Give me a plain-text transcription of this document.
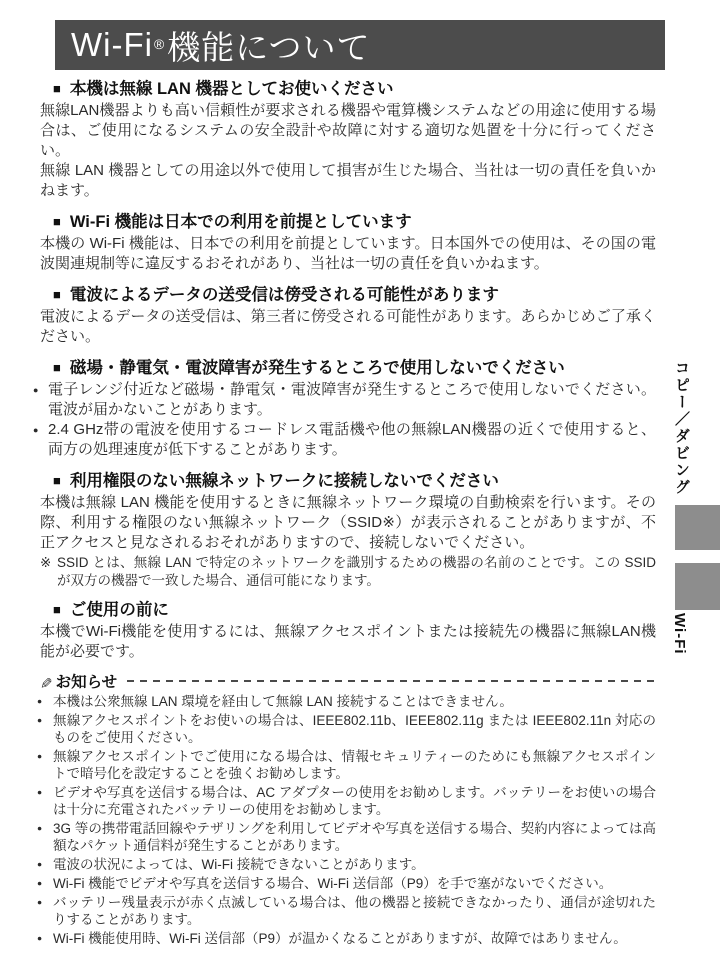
Wi-Fi ® 機能について
■ 本機は無線 LAN 機器としてお使いください

無線LAN機器よりも高い信頼性が要求される機器や電算機システムなどの用途に使用する場合は、ご使用になるシステムの安全設計や故障に対する適切な処置を十分に行ってください。

無線 LAN 機器としての用途以外で使用して損害が生じた場合、当社は一切の責任を負いかねます。

■ Wi-Fi 機能は日本での利用を前提としています

本機の Wi-Fi 機能は、日本での利用を前提としています。日本国外での使用は、その国の電波関連規制等に違反するおそれがあり、当社は一切の責任を負いかねます。

■ 電波によるデータの送受信は傍受される可能性があります

電波によるデータの送受信は、第三者に傍受される可能性があります。あらかじめご了承ください。

■ 磁場・静電気・電波障害が発生するところで使用しないでください
● 電子レンジ付近など磁場・静電気・電波障害が発生するところで使用しないでください。電波が届かないことがあります。
● 2.4 GHz帯の電波を使用するコードレス電話機や他の無線LAN機器の近くで使用すると、両方の処理速度が低下することがあります。
■ 利用権限のない無線ネットワークに接続しないでください

本機は無線 LAN 機能を使用するときに無線ネットワーク環境の自動検索を行います。その際、利用する権限のない無線ネットワーク（SSID※）が表示されることがありますが、不正アクセスと見なされるおそれがありますので、接続しないでください。

※ SSID とは、無線 LAN で特定のネットワークを識別するための機器の名前のことです。この SSID が双方の機器で一致した場合、通信可能になります。
■ ご使用の前に

本機でWi-Fi機能を使用するには、無線アクセスポイントまたは接続先の機器に無線LAN機能が必要です。

✐ お知らせ
● 本機は公衆無線 LAN 環境を経由して無線 LAN 接続することはできません。
● 無線アクセスポイントをお使いの場合は、IEEE802.11b、IEEE802.11g または IEEE802.11n 対応のものをご使用ください。
● 無線アクセスポイントでご使用になる場合は、情報セキュリティーのためにも無線アクセスポイントで暗号化を設定することを強くお勧めします。
● ビデオや写真を送信する場合は、AC アダプターの使用をお勧めします。バッテリーをお使いの場合は十分に充電されたバッテリーの使用をお勧めします。
● 3G 等の携帯電話回線やテザリングを利用してビデオや写真を送信する場合、契約内容によっては高額なパケット通信料が発生することがあります。
● 電波の状況によっては、Wi-Fi 接続できないことがあります。
● Wi-Fi 機能でビデオや写真を送信する場合、Wi-Fi 送信部（P9）を手で塞がないでください。
● バッテリー残量表示が赤く点滅している場合は、他の機器と接続できなかったり、通信が途切れたりすることがあります。
● Wi-Fi 機能使用時、Wi-Fi 送信部（P9）が温かくなることがありますが、故障ではありません。
コピー／ダビング
Wi-Fi
